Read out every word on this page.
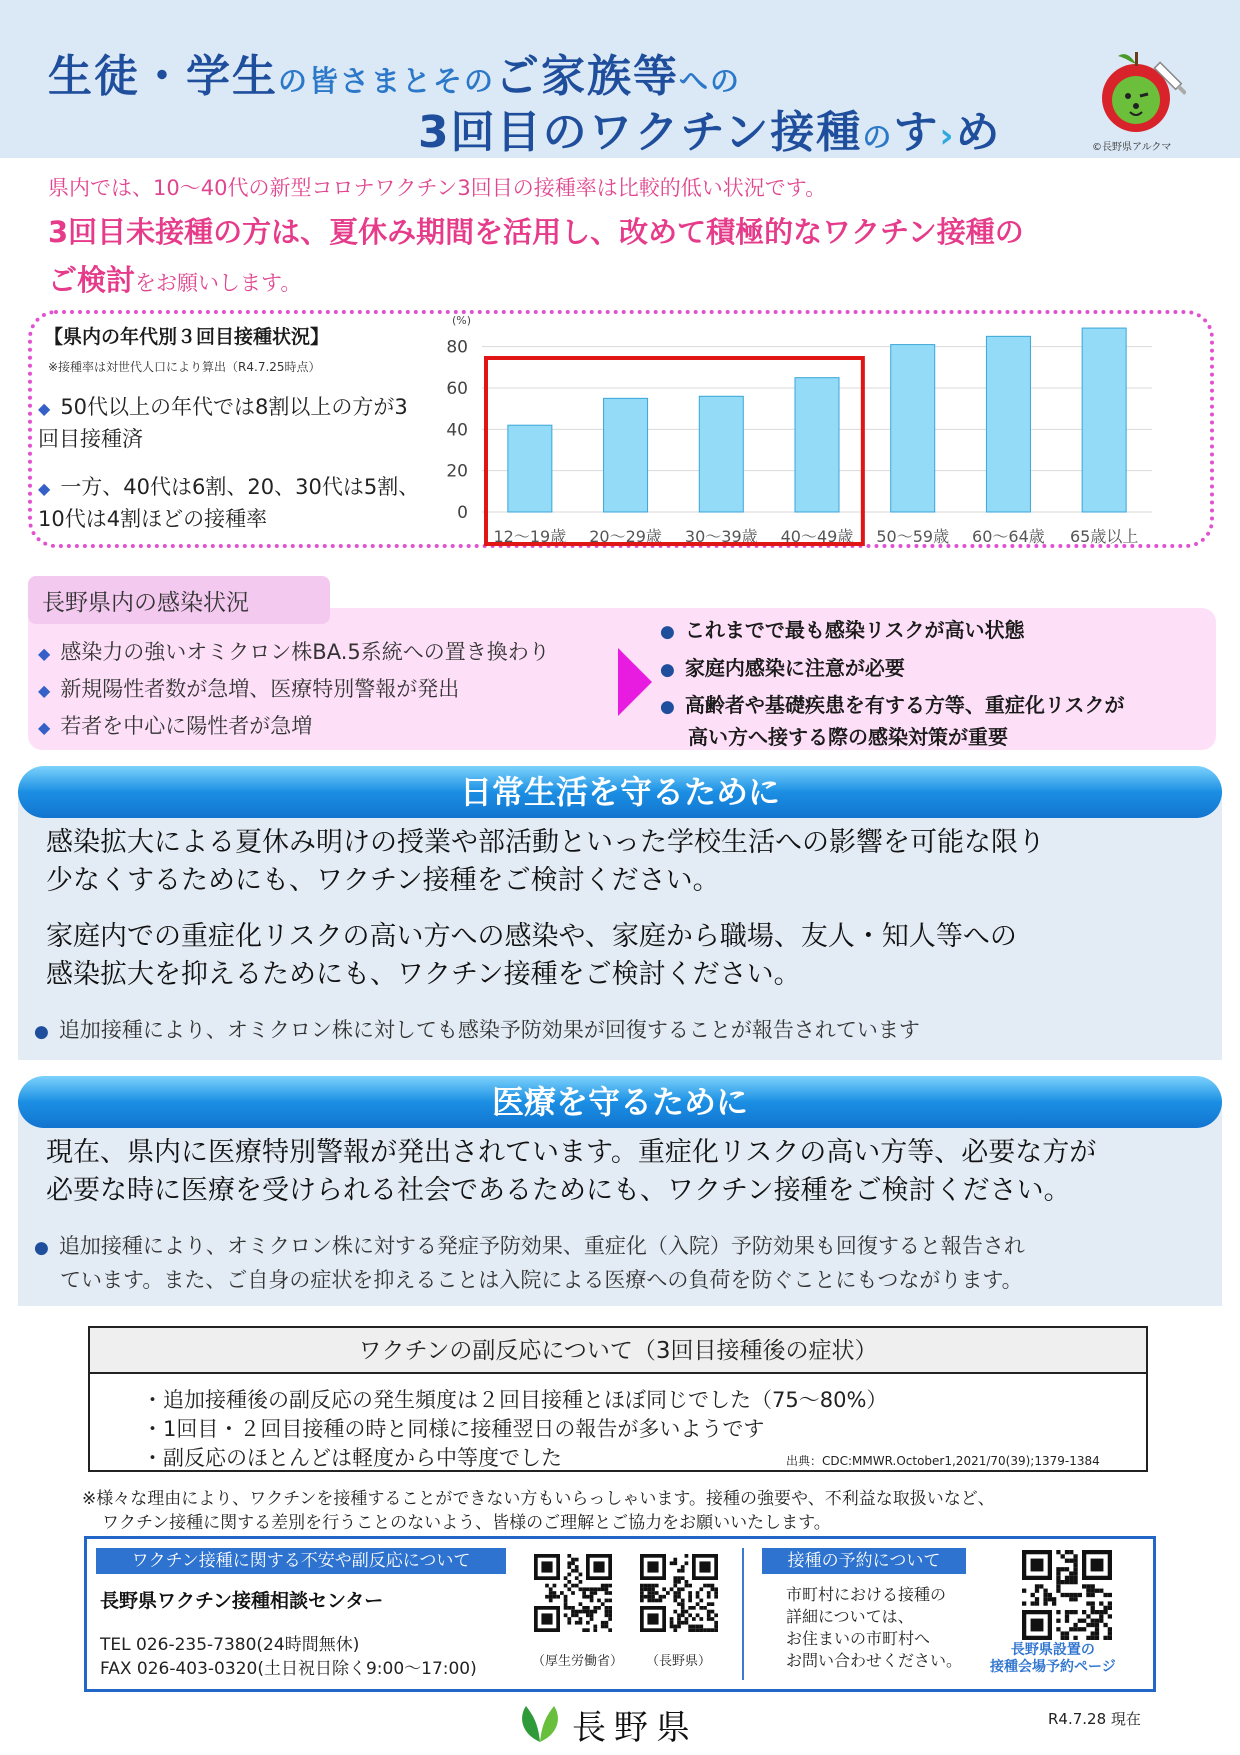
生徒・学生の皆さまとそのご家族等への
3回目のワクチン接種のす›め	©長野県アルクマ
県内では、10〜40代の新型コロナワクチン3回目の接種率は比較的低い状況です。
3回目未接種の方は、夏休み期間を活用し、改めて積極的なワクチン接種の
ご検討をお願いします。
【県内の年代別３回目接種状況】
※接種率は対世代人口により算出（R4.7.25時点）
◆ 50代以上の年代では8割以上の方が3回目接種済
◆ 一方、40代は6割、20、30代は5割、10代は4割ほどの接種率	0
20
40
60
80
(%)
12〜19歳 20〜29歳 30〜39歳 40〜49歳 50〜59歳 60〜64歳 65歳以上
長野県内の感染状況
◆ 感染力の強いオミクロン株BA.5系統への置き換わり
◆ 新規陽性者数が急増、医療特別警報が発出
◆ 若者を中心に陽性者が急増
● これまでで最も感染リスクが高い状態
● 家庭内感染に注意が必要
● 高齢者や基礎疾患を有する方等、重症化リスクが
高い方へ接する際の感染対策が重要
日常生活を守るために
感染拡大による夏休み明けの授業や部活動といった学校生活への影響を可能な限り
少なくするためにも、ワクチン接種をご検討ください。
家庭内での重症化リスクの高い方への感染や、家庭から職場、友人・知人等への
感染拡大を抑えるためにも、ワクチン接種をご検討ください。
● 追加接種により、オミクロン株に対しても感染予防効果が回復することが報告されています
医療を守るために
現在、県内に医療特別警報が発出されています。重症化リスクの高い方等、必要な方が
必要な時に医療を受けられる社会であるためにも、ワクチン接種をご検討ください。
● 追加接種により、オミクロン株に対する発症予防効果、重症化（入院）予防効果も回復すると報告され
ています。また、ご自身の症状を抑えることは入院による医療への負荷を防ぐことにもつながります。
ワクチンの副反応について（3回目接種後の症状）
・追加接種後の副反応の発生頻度は２回目接種とほぼ同じでした（75〜80%）
・1回目・２回目接種の時と同様に接種翌日の報告が多いようです
・副反応のほとんどは軽度から中等度でした	出典：CDC:MMWR.October1,2021/70(39);1379-1384
※様々な理由により、ワクチンを接種することができない方もいらっしゃいます。接種の強要や、不利益な取扱いなど、
ワクチン接種に関する差別を行うことのないよう、皆様のご理解とご協力をお願いいたします。
ワクチン接種に関する不安や副反応について
長野県ワクチン接種相談センター
TEL 026-235-7380(24時間無休)
FAX 026-403-0320(土日祝日除く9:00〜17:00)	（厚生労働省） （長野県）
接種の予約について
市町村における接種の
詳細については、
お住まいの市町村へ
お問い合わせください。
長野県設置の
接種会場予約ページ
長野県	R4.7.28 現在
